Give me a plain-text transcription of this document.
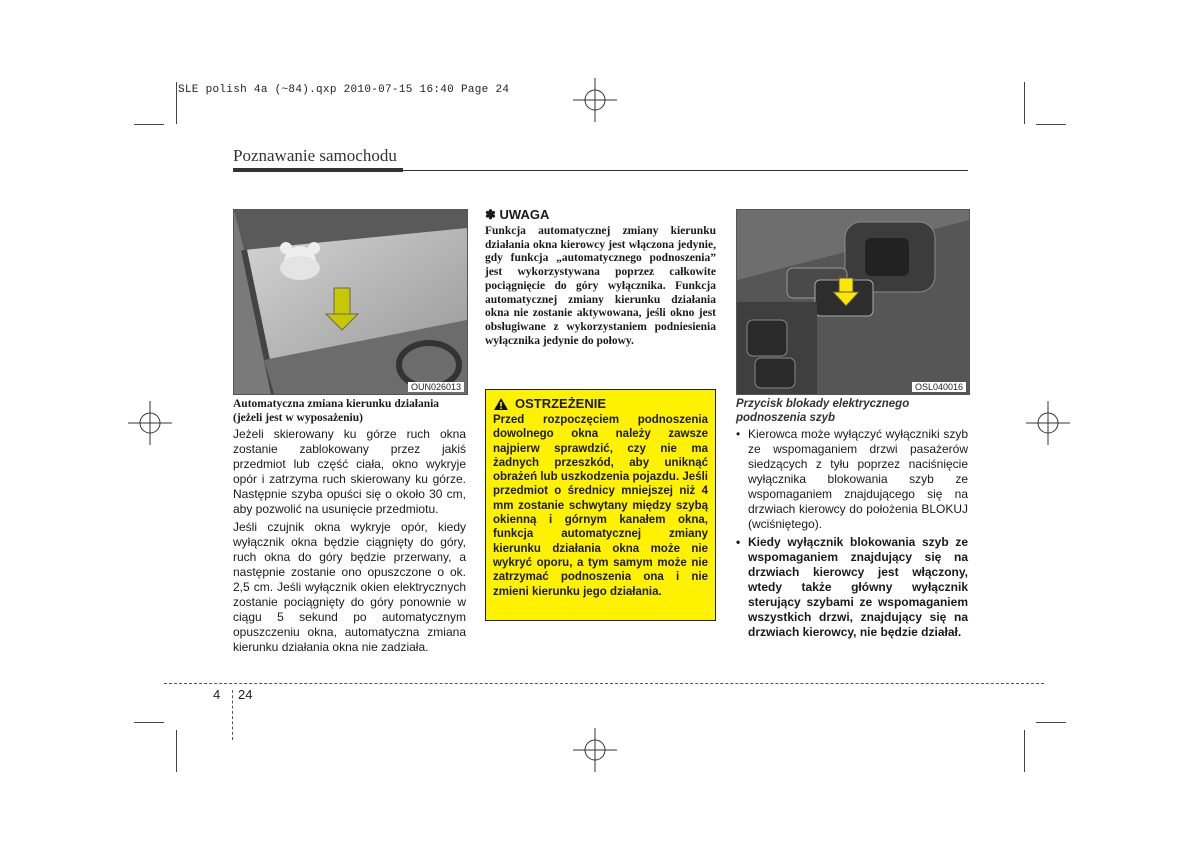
SLE polish 4a (~84).qxp 2010-07-15 16:40 Page 24
Poznawanie samochodu
OUN026013
Automatyczna zmiana kierunku działania (jeżeli jest w wyposażeniu)

Jeżeli skierowany ku górze ruch okna zostanie zablokowany przez jakiś przedmiot lub część ciała, okno wykryje opór i zatrzyma ruch skierowany ku górze. Następnie szyba opuści się o około 30 cm, aby pozwolić na usunięcie przedmiotu.

Jeśli czujnik okna wykryje opór, kiedy wyłącznik okna będzie ciągnięty do góry, ruch okna do góry będzie przerwany, a następnie zostanie ono opuszczone o ok. 2,5 cm. Jeśli wyłącznik okien elektrycznych zostanie pociągnięty do góry ponownie w ciągu 5 sekund po automatycznym opuszczeniu okna, automatyczna zmiana kierunku działania okna nie zadziała.

✽ UWAGA
Funkcja automatycznej zmiany kierunku działania okna kierowcy jest włączona jedynie, gdy funkcja „automatycznego podnoszenia” jest wykorzystywana poprzez całkowite pociągnięcie do góry wyłącznika. Funkcja automatycznej zmiany kierunku działania okna nie zostanie aktywowana, jeśli okno jest obsługiwane z wykorzystaniem podniesienia wyłącznika jedynie do połowy.
OSTRZEŻENIE
Przed rozpoczęciem podnoszenia dowolnego okna należy zawsze najpierw sprawdzić, czy nie ma żadnych przeszkód, aby uniknąć obrażeń lub uszkodzenia pojazdu. Jeśli przedmiot o średnicy mniejszej niż 4 mm zostanie schwytany między szybą okienną i górnym kanałem okna, funkcja automatycznej zmiany kierunku działania okna może nie wykryć oporu, a tym samym może nie zatrzymać podnoszenia ona i nie zmieni kierunku jego działania.
OSL040016
Przycisk blokady elektrycznego podnoszenia szyb
• Kierowca może wyłączyć wyłączniki szyb ze wspomaganiem drzwi pasażerów siedzących z tyłu poprzez naciśnięcie wyłącznika blokowania szyb ze wspomaganiem znajdującego się na drzwiach kierowcy do położenia BLOKUJ (wciśniętego).
• Kiedy wyłącznik blokowania szyb ze wspomaganiem znajdujący się na drzwiach kierowcy jest włączony, wtedy także główny wyłącznik sterujący szybami ze wspomaganiem wszystkich drzwi, znajdujący się na drzwiach kierowcy, nie będzie działał.
4 24
